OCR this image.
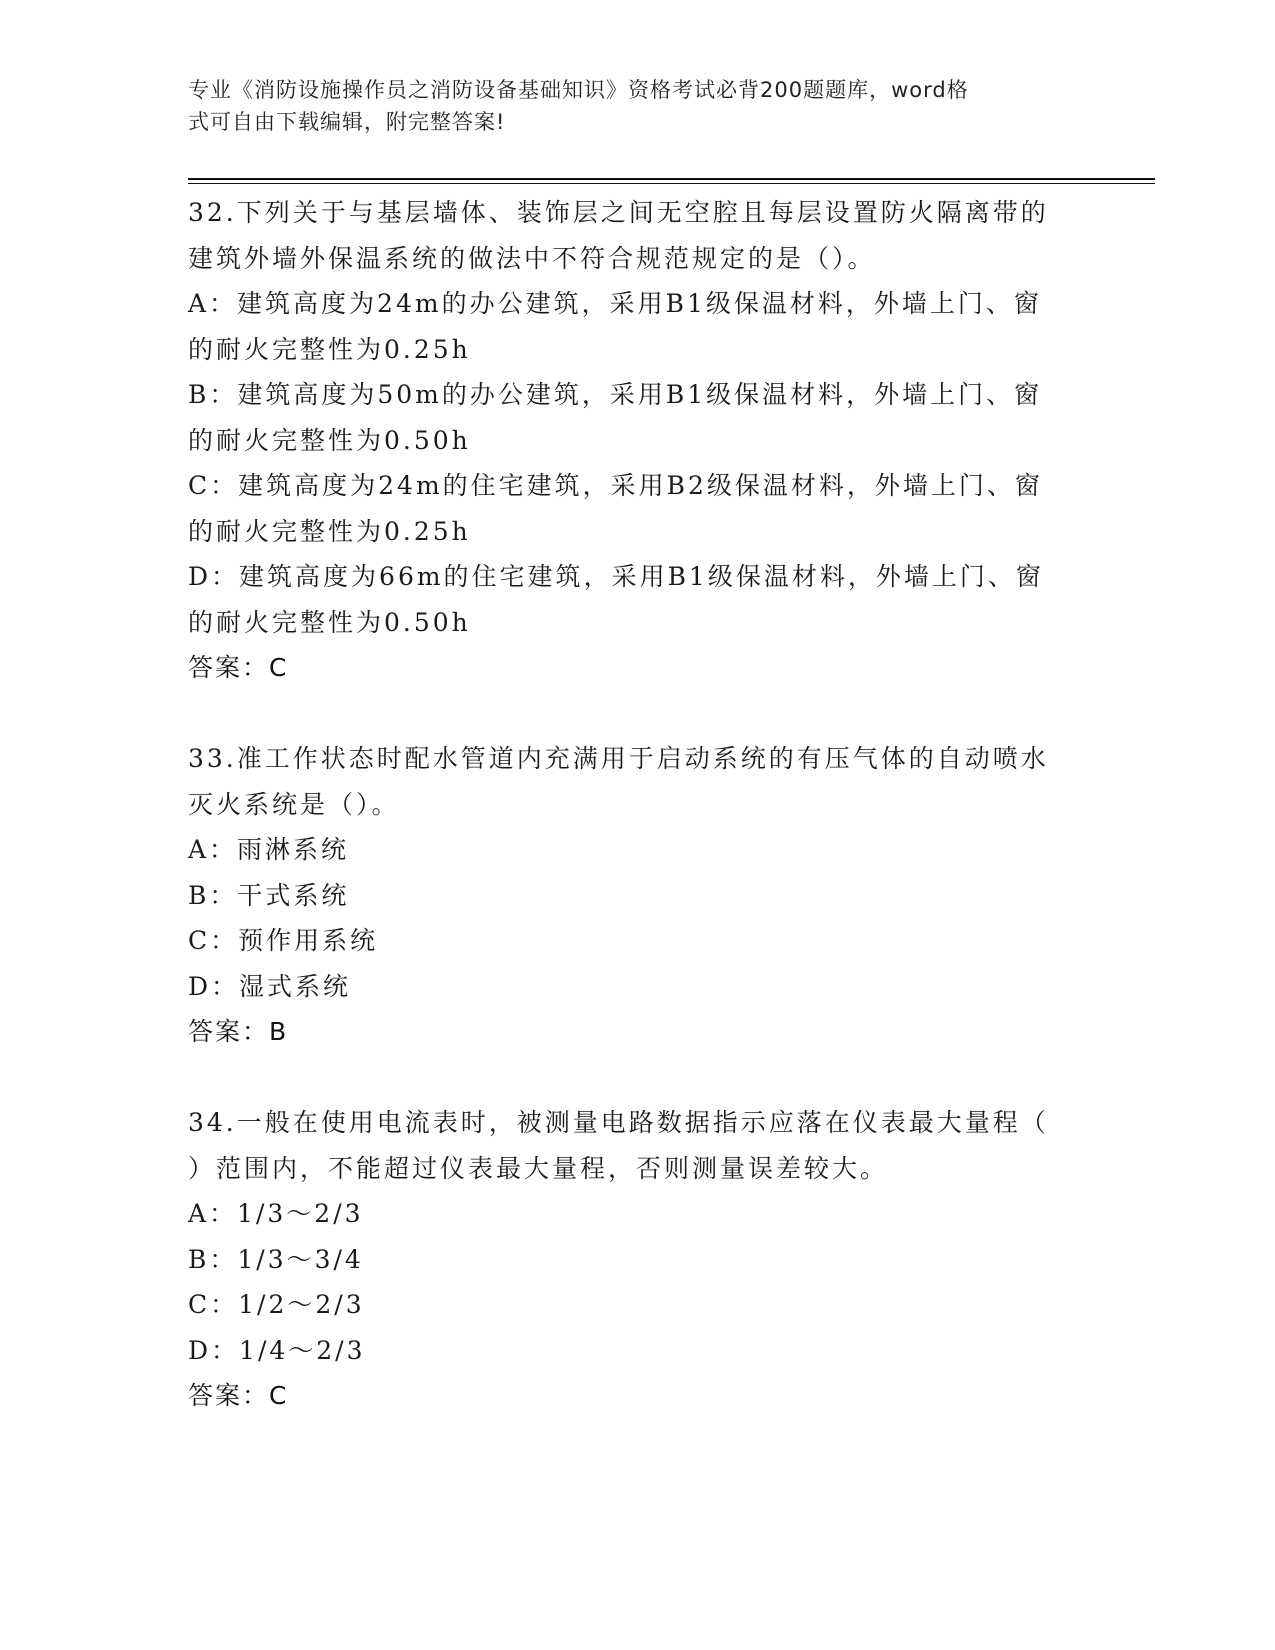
专业《消防设施操作员之消防设备基础知识》资格考试必背200题题库，word格
式可自由下载编辑，附完整答案!
32.下列关于与基层墙体、装饰层之间无空腔且每层设置防火隔离带的
建筑外墙外保温系统的做法中不符合规范规定的是（）。
A：建筑高度为24m的办公建筑，采用B1级保温材料，外墙上门、窗
的耐火完整性为0.25h
B：建筑高度为50m的办公建筑，采用B1级保温材料，外墙上门、窗
的耐火完整性为0.50h
C：建筑高度为24m的住宅建筑，采用B2级保温材料，外墙上门、窗
的耐火完整性为0.25h
D：建筑高度为66m的住宅建筑，采用B1级保温材料，外墙上门、窗
的耐火完整性为0.50h
答案：C
33.准工作状态时配水管道内充满用于启动系统的有压气体的自动喷水
灭火系统是（）。
A：雨淋系统
B：干式系统
C：预作用系统
D：湿式系统
答案：B
34.一般在使用电流表时，被测量电路数据指示应落在仪表最大量程（
）范围内，不能超过仪表最大量程，否则测量误差较大。
A：1/3～2/3
B：1/3～3/4
C：1/2～2/3
D：1/4～2/3
答案：C
